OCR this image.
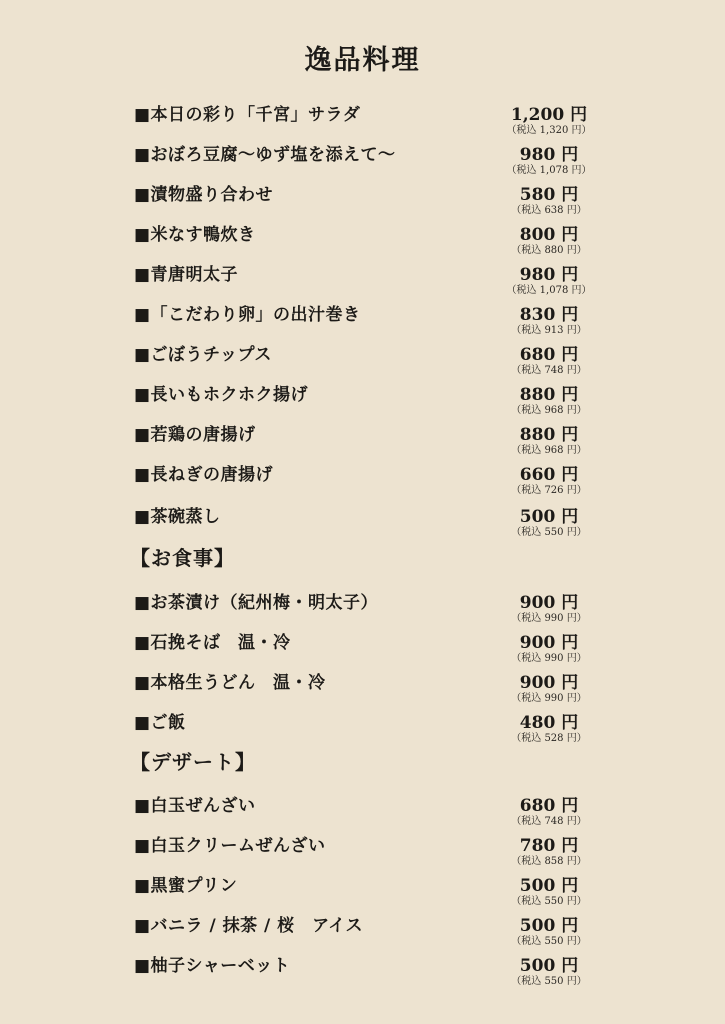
逸品料理
■本日の彩り「千宮」サラダ	1,200 円
（税込 1,320 円）
■おぼろ豆腐〜ゆず塩を添えて〜	980 円
（税込 1,078 円）
■漬物盛り合わせ	580 円
（税込 638 円）
■米なす鴨炊き	800 円
（税込 880 円）
■青唐明太子	980 円
（税込 1,078 円）
■「こだわり卵」の出汁巻き	830 円
（税込 913 円）
■ごぼうチップス	680 円
（税込 748 円）
■長いもホクホク揚げ	880 円
（税込 968 円）
■若鶏の唐揚げ	880 円
（税込 968 円）
■長ねぎの唐揚げ	660 円
（税込 726 円）
■茶碗蒸し	500 円
（税込 550 円）
【お食事】
■お茶漬け（紀州梅・明太子）	900 円
（税込 990 円）
■石挽そば　温・冷	900 円
（税込 990 円）
■本格生うどん　温・冷	900 円
（税込 990 円）
■ご飯	480 円
（税込 528 円）
【デザート】
■白玉ぜんざい	680 円
（税込 748 円）
■白玉クリームぜんざい	780 円
（税込 858 円）
■黒蜜プリン	500 円
（税込 550 円）
■バニラ / 抹茶 / 桜　アイス	500 円
（税込 550 円）
■柚子シャーベット	500 円
（税込 550 円）
